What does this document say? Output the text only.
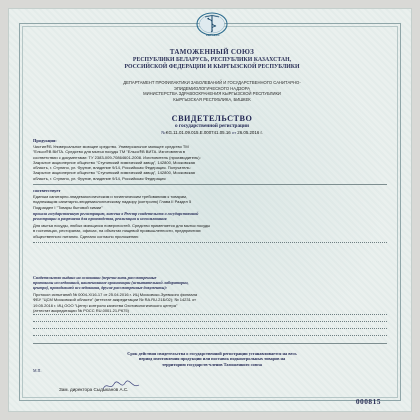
ЕВРАЗЭС
ТАМОЖЕННЫЙ СОЮЗ
РЕСПУБЛИКИ БЕЛАРУСЬ, РЕСПУБЛИКИ КАЗАХСТАН,
РОССИЙСКОЙ ФЕДЕРАЦИИ И КЫРГЫЗСКОЙ РЕСПУБЛИКИ
ДЕПАРТАМЕНТ ПРОФИЛАКТИКИ ЗАБОЛЕВАНИЙ И ГОСУДАРСТВЕННОГО САНИТАРНО-
ЭПИДЕМИОЛОГИЧЕСКОГО НАДЗОРА
МИНИСТЕРСТВА ЗДРАВООХРАНЕНИЯ КЫРГЫЗСКОЙ РЕСПУБЛИКИ
КЫРГЫЗСКАЯ РЕСПУБЛИКА, БИШКЕК
СВИДЕТЕЛЬСТВО
о государственной регистрации
№KG.11.01.09.015.Е.000741.05.16 от 26.05.2016 г.
Продукция:
Чистин®Б Универсальное моющее средство. Универсальное моющее средство ТМ
"Ельсо®В ВИТА. Средство для мытья посуды ТМ "Ельсо®В ВИТА. Изготовлена в
соответствии с документами: ТУ 2383-009-70864601-2008. Изготовитель (производитель):
Закрытое акционерное общество "Ступинский химический завод", 142800, Московская
область, г. Ступино, ул. Фрунзе, владение 9/14, Российская Федерация. Получатель:
Закрытое акционерное общество "Ступинский химический завод", 142800, Московская
область, г. Ступино, ул. Фрунзе, владение 9/14, Российская Федерация
соответствует
Единым санитарно-эпидемиологическим и гигиеническим требованиям к товарам,
подлежащим санитарно-эпидемиологическому надзору (контролю) Глава II Раздел 5
Подраздел I "Товары бытовой химии"
прошла государственную регистрацию, внесена в Реестр свидетельств о государственной
регистрации и разрешена для производства, реализации и использования
Для мытья посуды, любых моющихся поверхностей. Средство применяется для мытья посуды
в гостиницах, ресторанах, офисах, на объектах пищевой промышленности, предприятиях
общественного питания. Сделано согласно приложению
Свидетельство выдано на основании (перечислить рассмотренные
протоколы исследований, наименование организации (испытательной лаборатории,
центра), проводившей исследования, другие рассмотренные документы):
Протокол испытаний № 0004-Х/16-17 от 25.04.2016 г. ИЦ Московско-Зуевского филиала
ФБУ "ЦСМ Московской области" (аттестат аккредитации № RA.RU.21Б/02); № 14231 от
19.05.2016 г. ИЦ ООО "Центр контроля качества Охотовологического центра"
(аттестат аккредитации № РОСС RU.0001.21.РК75)
Срок действия свидетельства о государственной регистрации устанавливается на весь
период изготовления продукции или поставок подконтрольных товаров на
территорию государств-членов Таможенного союза
М.П.
Зам. директора Сыдыканов А.С.
000815
